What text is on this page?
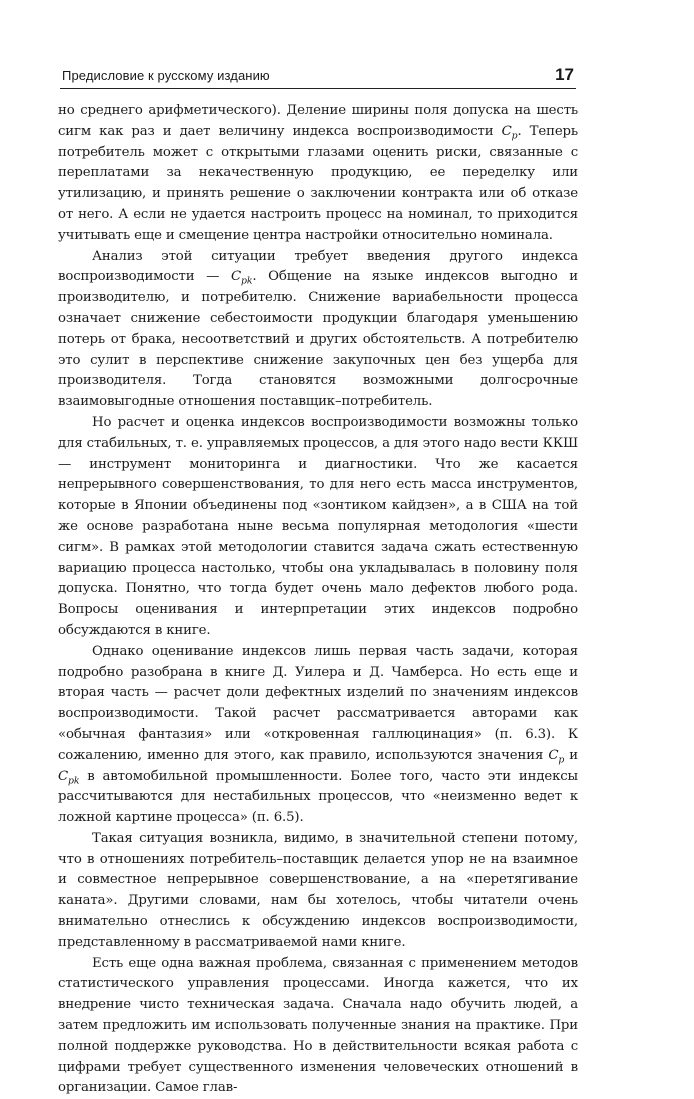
Предисловие к русскому изданию	17

но среднего арифметического). Деление ширины поля допуска на шесть сигм как раз и дает величину индекса воспроизводимости $C_p$. Теперь потребитель может с открытыми глазами оценить риски, связанные с переплатами за некачественную продукцию, ее переделку или утилизацию, и принять решение о заключении контракта или об отказе от него. А если не удается настроить процесс на номинал, то приходится учитывать еще и смещение центра настройки относительно номинала.

Анализ этой ситуации требует введения другого индекса воспроизводимости — $C_{pk}$. Общение на языке индексов выгодно и производителю, и потребителю. Снижение вариабельности процесса означает снижение себестоимости продукции благодаря уменьшению потерь от брака, несоответствий и других обстоятельств. А потребителю это сулит в перспективе снижение закупочных цен без ущерба для производителя. Тогда становятся возможными долгосрочные взаимовыгодные отношения поставщик–потребитель.

Но расчет и оценка индексов воспроизводимости возможны только для стабильных, т. е. управляемых процессов, а для этого надо вести ККШ — инструмент мониторинга и диагностики. Что же касается непрерывного совершенствования, то для него есть масса инструментов, которые в Японии объединены под «зонтиком кайдзен», а в США на той же основе разработана ныне весьма популярная методология «шести сигм». В рамках этой методологии ставится задача сжать естественную вариацию процесса настолько, чтобы она укладывалась в половину поля допуска. Понятно, что тогда будет очень мало дефектов любого рода. Вопросы оценивания и интерпретации этих индексов подробно обсуждаются в книге.

Однако оценивание индексов лишь первая часть задачи, которая подробно разобрана в книге Д. Уилера и Д. Чамберса. Но есть еще и вторая часть — расчет доли дефектных изделий по значениям индексов воспроизводимости. Такой расчет рассматривается авторами как «обычная фантазия» или «откровенная галлюцинация» (п. 6.3). К сожалению, именно для этого, как правило, используются значения $C_p$ и $C_{pk}$ в автомобильной промышленности. Более того, часто эти индексы рассчитываются для нестабильных процессов, что «неизменно ведет к ложной картине процесса» (п. 6.5).

Такая ситуация возникла, видимо, в значительной степени потому, что в отношениях потребитель–поставщик делается упор не на взаимное и совместное непрерывное совершенствование, а на «перетягивание каната». Другими словами, нам бы хотелось, чтобы читатели очень внимательно отнеслись к обсуждению индексов воспроизводимости, представленному в рассматриваемой нами книге.

Есть еще одна важная проблема, связанная с применением методов статистического управления процессами. Иногда кажется, что их внедрение чисто техническая задача. Сначала надо обучить людей, а затем предложить им использовать полученные знания на практике. При полной поддержке руководства. Но в действительности всякая работа с цифрами требует существенного изменения человеческих отношений в организации. Самое глав-
